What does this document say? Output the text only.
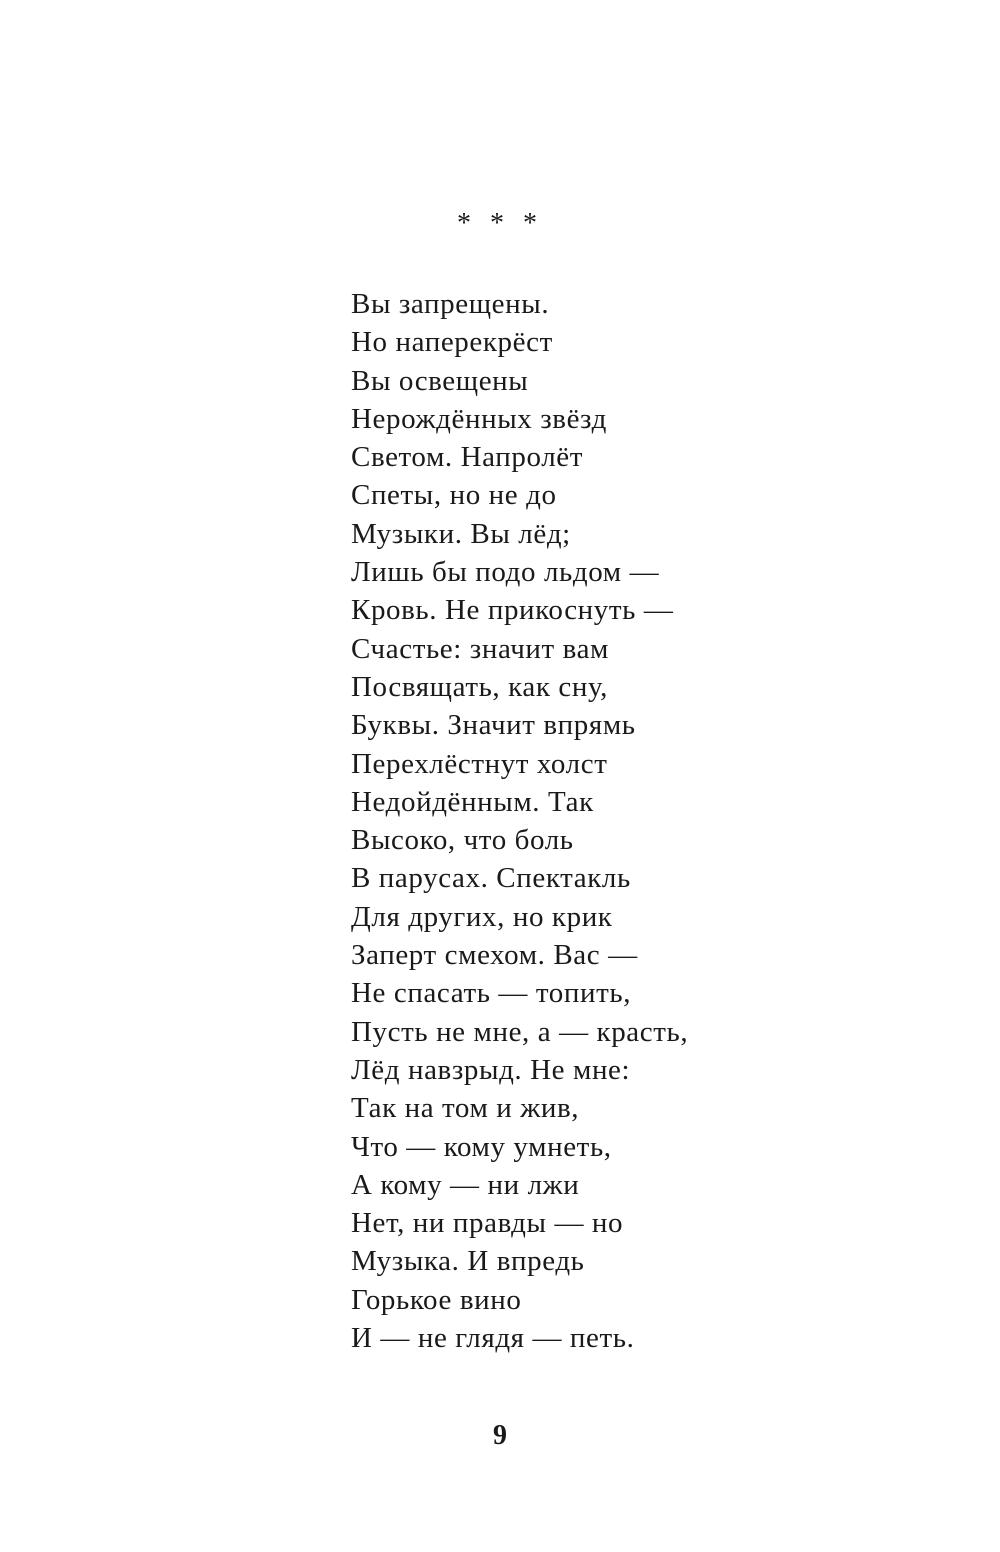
* * *
Вы запрещены.
Но наперекрёст
Вы освещены
Нерождённых звёзд
Светом. Напролёт
Спеты, но не до
Музыки. Вы лёд;
Лишь бы подо льдом —
Кровь. Не прикоснуть —
Счастье: значит вам
Посвящать, как сну,
Буквы. Значит впрямь
Перехлёстнут холст
Недойдённым. Так
Высоко, что боль
В парусах. Спектакль
Для других, но крик
Заперт смехом. Вас —
Не спасать — топить,
Пусть не мне, а — красть,
Лёд навзрыд. Не мне:
Так на том и жив,
Что — кому умнеть,
А кому — ни лжи
Нет, ни правды — но
Музыка. И впредь
Горькое вино
И — не глядя — петь.
9
